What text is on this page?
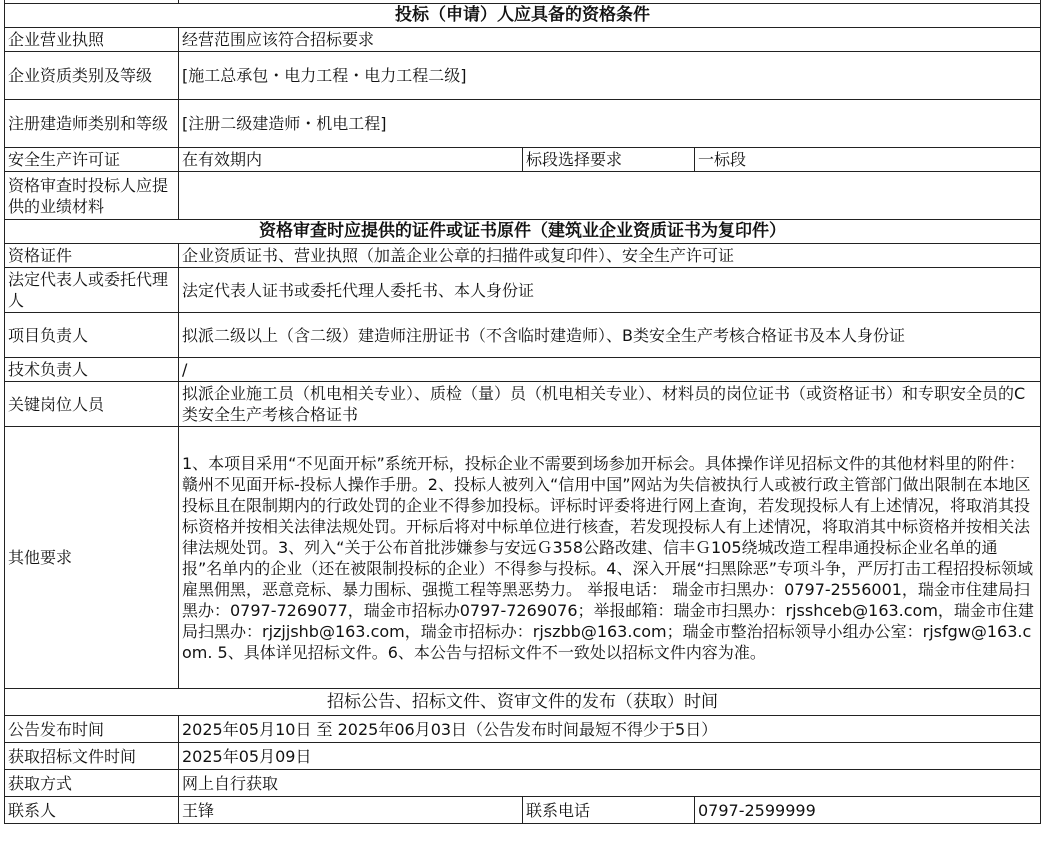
投标（申请）人应具备的资格条件			
企业营业执照	经营范围应该符合招标要求		
企业资质类别及等级	[施工总承包・电力工程・电力工程二级]		
注册建造师类别和等级	[注册二级建造师・机电工程]		
安全生产许可证	在有效期内	标段选择要求	一标段
资格审查时投标人应提供的业绩材料			
资格审查时应提供的证件或证书原件（建筑业企业资质证书为复印件）			
资格证件	企业资质证书、营业执照（加盖企业公章的扫描件或复印件）、安全生产许可证		
法定代表人或委托代理人	法定代表人证书或委托代理人委托书、本人身份证		
项目负责人	拟派二级以上（含二级）建造师注册证书（不含临时建造师）、B类安全生产考核合格证书及本人身份证		
技术负责人	/		
关键岗位人员	拟派企业施工员（机电相关专业）、质检（量）员（机电相关专业）、材料员的岗位证书（或资格证书）和专职安全员的C类安全生产考核合格证书		
其他要求	1、本项目采用“不见面开标”系统开标，投标企业不需要到场参加开标会。具体操作详见招标文件的其他材料里的附件：赣州不见面开标-投标人操作手册。2、投标人被列入“信用中国”网站为失信被执行人或被行政主管部门做出限制在本地区投标且在限制期内的行政处罚的企业不得参加投标。评标时评委将进行网上查询，若发现投标人有上述情况，将取消其投标资格并按相关法律法规处罚。开标后将对中标单位进行核查，若发现投标人有上述情况，将取消其中标资格并按相关法律法规处罚。3、列入“关于公布首批涉嫌参与安远Ｇ358公路改建、信丰Ｇ105绕城改造工程串通投标企业名单的通报”名单内的企业（还在被限制投标的企业）不得参与投标。4、深入开展“扫黑除恶”专项斗争，严厉打击工程招投标领域雇黑佣黑，恶意竞标、暴力围标、强揽工程等黑恶势力。 举报电话： 瑞金市扫黑办：0797-2556001，瑞金市住建局扫黑办：0797-7269077，瑞金市招标办0797-7269076；举报邮箱：瑞金市扫黑办：rjsshceb@163.com，瑞金市住建局扫黑办：rjzjjshb@163.com，瑞金市招标办：rjszbb@163.com；瑞金市整治招标领导小组办公室：rjsfgw@163.com. 5、具体详见招标文件。6、本公告与招标文件不一致处以招标文件内容为准。		
招标公告、招标文件、资审文件的发布（获取）时间			
公告发布时间	2025年05月10日 至 2025年06月03日（公告发布时间最短不得少于5日）		
获取招标文件时间	2025年05月09日		
获取方式	网上自行获取		
联系人	王锋	联系电话	0797-2599999
